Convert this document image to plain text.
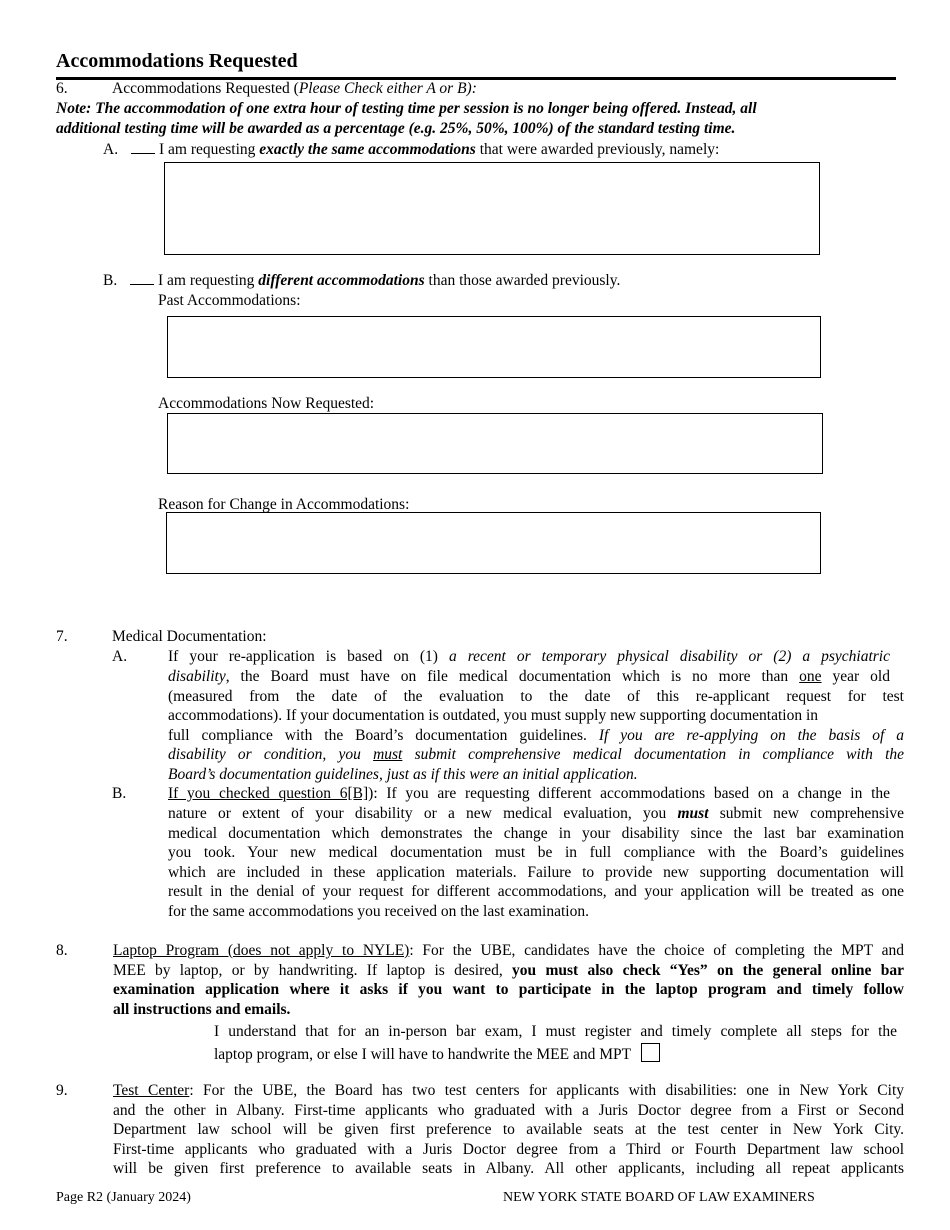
Accommodations Requested
6.	Accommodations Requested (Please Check either A or B):
Note: The accommodation of one extra hour of testing time per session is no longer being offered. Instead, all
additional testing time will be awarded as a percentage (e.g. 25%, 50%, 100%) of the standard testing time.
A.	I am requesting exactly the same accommodations that were awarded previously, namely:
B.	I am requesting different accommodations than those awarded previously.
Past Accommodations:
Accommodations Now Requested:
Reason for Change in Accommodations:
7.	Medical Documentation:
A.	If your re-application is based on (1) a recent or temporary physical disability or (2) a psychiatric
disability, the Board must have on file medical documentation which is no more than one year old
(measured from the date of the evaluation to the date of this re-applicant request for test
accommodations). If your documentation is outdated, you must supply new supporting documentation in
full compliance with the Board’s documentation guidelines. If you are re-applying on the basis of a
disability or condition, you must submit comprehensive medical documentation in compliance with the
Board’s documentation guidelines, just as if this were an initial application.
B.	If you checked question 6[B]): If you are requesting different accommodations based on a change in the
nature or extent of your disability or a new medical evaluation, you must submit new comprehensive
medical documentation which demonstrates the change in your disability since the last bar examination
you took. Your new medical documentation must be in full compliance with the Board’s guidelines
which are included in these application materials. Failure to provide new supporting documentation will
result in the denial of your request for different accommodations, and your application will be treated as one
for the same accommodations you received on the last examination.
8.	Laptop Program (does not apply to NYLE): For the UBE, candidates have the choice of completing the MPT and
MEE by laptop, or by handwriting. If laptop is desired, you must also check “Yes” on the general online bar
examination application where it asks if you want to participate in the laptop program and timely follow
all instructions and emails.
I understand that for an in-person bar exam, I must register and timely complete all steps for the
laptop program, or else I will have to handwrite the MEE and MPT
9.	Test Center: For the UBE, the Board has two test centers for applicants with disabilities: one in New York City
and the other in Albany. First-time applicants who graduated with a Juris Doctor degree from a First or Second
Department law school will be given first preference to available seats at the test center in New York City.
First-time applicants who graduated with a Juris Doctor degree from a Third or Fourth Department law school
will be given first preference to available seats in Albany. All other applicants, including all repeat applicants
Page R2 (January 2024)	NEW YORK STATE BOARD OF LAW EXAMINERS
